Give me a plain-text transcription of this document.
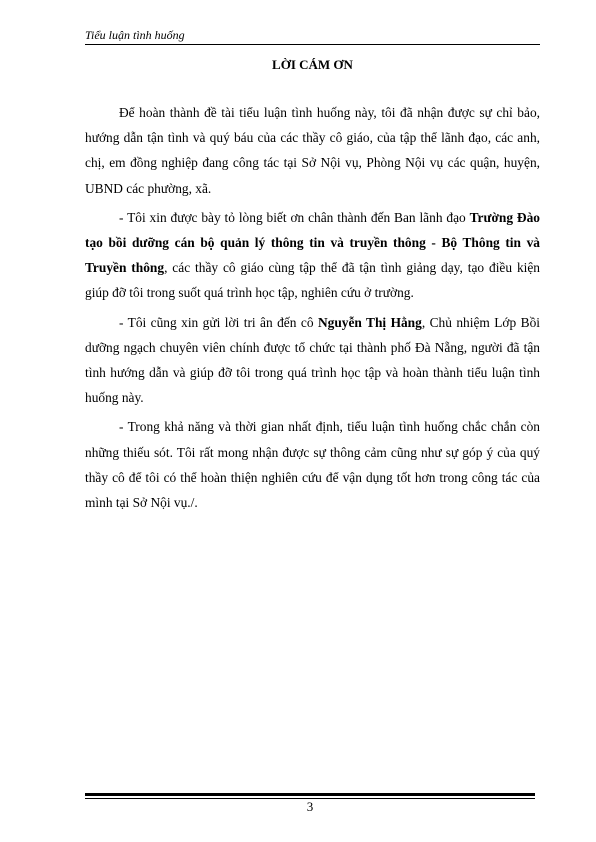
Tiểu luận tình huống
LỜI CÁM ƠN

Để hoàn thành đề tài tiểu luận tình huống này, tôi đã nhận được sự chỉ bảo, hướng dẫn tận tình và quý báu của các thầy cô giáo, của tập thể lãnh đạo, các anh, chị, em đồng nghiệp đang công tác tại Sở Nội vụ, Phòng Nội vụ các quận, huyện, UBND các phường, xã.

- Tôi xin được bày tỏ lòng biết ơn chân thành đến Ban lãnh đạo Trường Đào tạo bồi dưỡng cán bộ quản lý thông tin và truyền thông - Bộ Thông tin và Truyền thông, các thầy cô giáo cùng tập thể đã tận tình giảng dạy, tạo điều kiện giúp đỡ tôi trong suốt quá trình học tập, nghiên cứu ở trường.

- Tôi cũng xin gửi lời tri ân đến cô Nguyễn Thị Hằng, Chủ nhiệm Lớp Bồi dưỡng ngạch chuyên viên chính được tổ chức tại thành phố Đà Nẵng, người đã tận tình hướng dẫn và giúp đỡ tôi trong quá trình học tập và hoàn thành tiểu luận tình huống này.

- Trong khả năng và thời gian nhất định, tiểu luận tình huống chắc chắn còn những thiếu sót. Tôi rất mong nhận được sự thông cảm cũng như sự góp ý của quý thầy cô để tôi có thể hoàn thiện nghiên cứu để vận dụng tốt hơn trong công tác của mình tại Sở Nội vụ./.

3
